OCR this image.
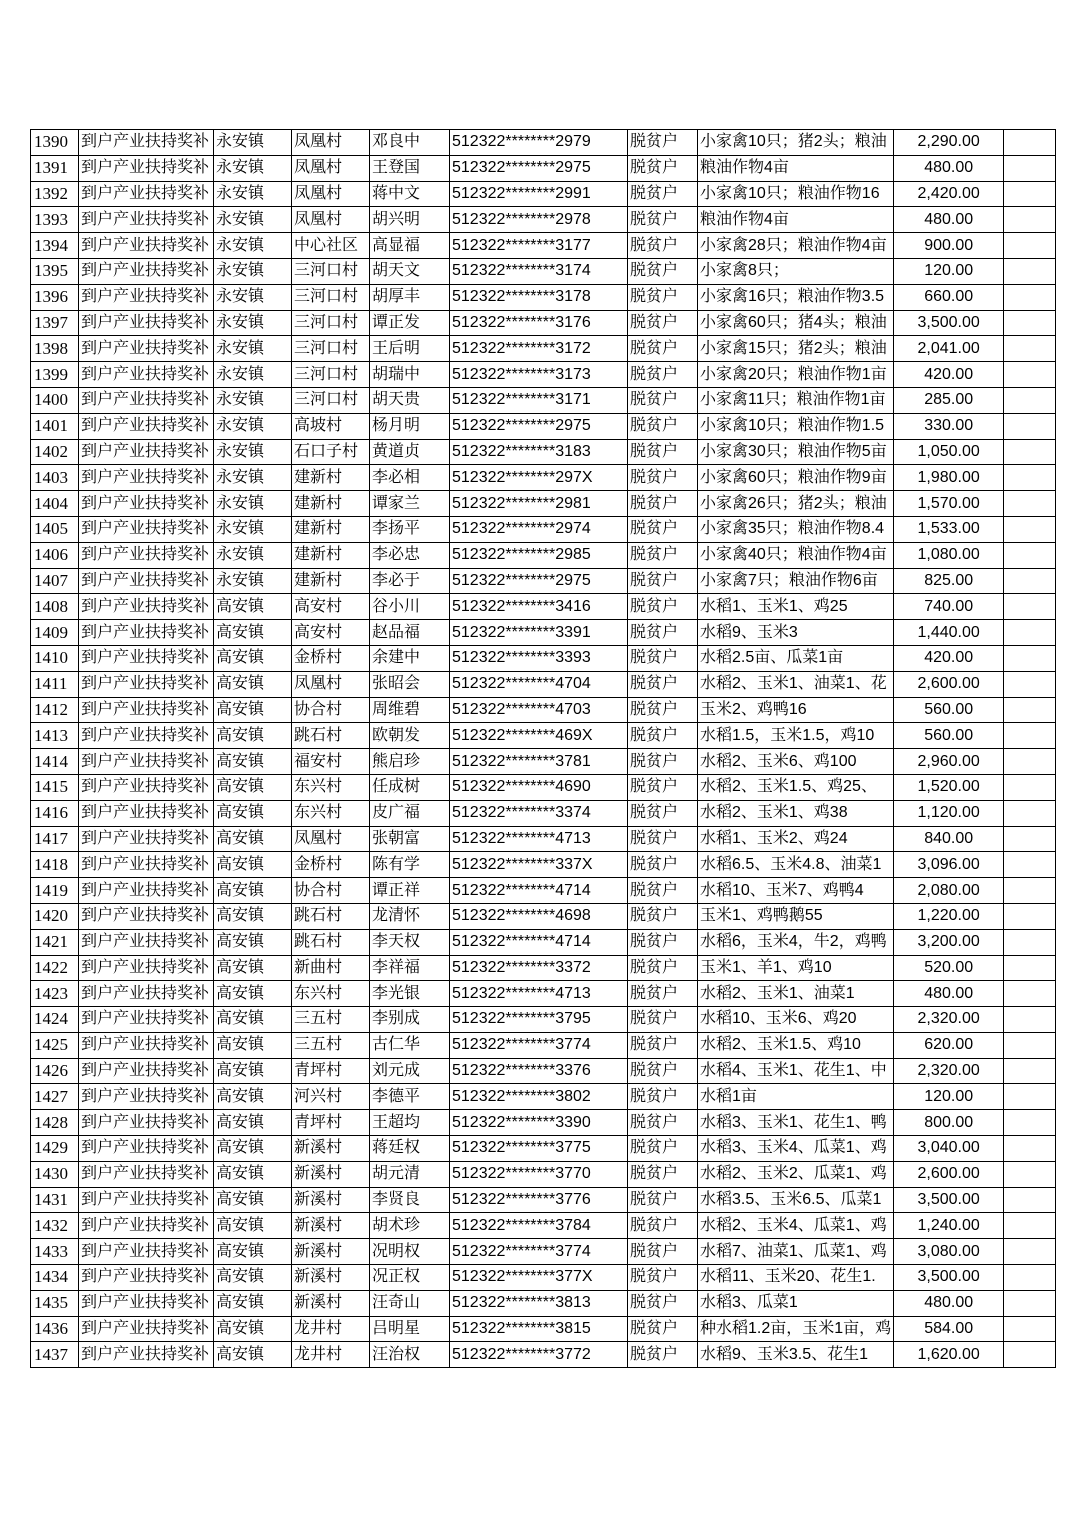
1390	到户产业扶持奖补	永安镇	凤凰村	邓良中	512322********2979	脱贫户	小家禽10只；猪2头；粮油	2,290.00	
1391	到户产业扶持奖补	永安镇	凤凰村	王登国	512322********2975	脱贫户	粮油作物4亩	480.00	
1392	到户产业扶持奖补	永安镇	凤凰村	蒋中文	512322********2991	脱贫户	小家禽10只；粮油作物16	2,420.00	
1393	到户产业扶持奖补	永安镇	凤凰村	胡兴明	512322********2978	脱贫户	粮油作物4亩	480.00	
1394	到户产业扶持奖补	永安镇	中心社区	高显福	512322********3177	脱贫户	小家禽28只；粮油作物4亩	900.00	
1395	到户产业扶持奖补	永安镇	三河口村	胡天文	512322********3174	脱贫户	小家禽8只；	120.00	
1396	到户产业扶持奖补	永安镇	三河口村	胡厚丰	512322********3178	脱贫户	小家禽16只；粮油作物3.5	660.00	
1397	到户产业扶持奖补	永安镇	三河口村	谭正发	512322********3176	脱贫户	小家禽60只；猪4头；粮油	3,500.00	
1398	到户产业扶持奖补	永安镇	三河口村	王后明	512322********3172	脱贫户	小家禽15只；猪2头；粮油	2,041.00	
1399	到户产业扶持奖补	永安镇	三河口村	胡瑞中	512322********3173	脱贫户	小家禽20只；粮油作物1亩	420.00	
1400	到户产业扶持奖补	永安镇	三河口村	胡天贵	512322********3171	脱贫户	小家禽11只；粮油作物1亩	285.00	
1401	到户产业扶持奖补	永安镇	高坡村	杨月明	512322********2975	脱贫户	小家禽10只；粮油作物1.5	330.00	
1402	到户产业扶持奖补	永安镇	石口子村	黄道贞	512322********3183	脱贫户	小家禽30只；粮油作物5亩	1,050.00	
1403	到户产业扶持奖补	永安镇	建新村	李必相	512322********297X	脱贫户	小家禽60只；粮油作物9亩	1,980.00	
1404	到户产业扶持奖补	永安镇	建新村	谭家兰	512322********2981	脱贫户	小家禽26只；猪2头；粮油	1,570.00	
1405	到户产业扶持奖补	永安镇	建新村	李扬平	512322********2974	脱贫户	小家禽35只；粮油作物8.4	1,533.00	
1406	到户产业扶持奖补	永安镇	建新村	李必忠	512322********2985	脱贫户	小家禽40只；粮油作物4亩	1,080.00	
1407	到户产业扶持奖补	永安镇	建新村	李必于	512322********2975	脱贫户	小家禽7只；粮油作物6亩	825.00	
1408	到户产业扶持奖补	高安镇	高安村	谷小川	512322********3416	脱贫户	水稻1、玉米1、鸡25	740.00	
1409	到户产业扶持奖补	高安镇	高安村	赵品福	512322********3391	脱贫户	水稻9、玉米3	1,440.00	
1410	到户产业扶持奖补	高安镇	金桥村	余建中	512322********3393	脱贫户	水稻2.5亩、瓜菜1亩	420.00	
1411	到户产业扶持奖补	高安镇	凤凰村	张昭会	512322********4704	脱贫户	水稻2、玉米1、油菜1、花	2,600.00	
1412	到户产业扶持奖补	高安镇	协合村	周维碧	512322********4703	脱贫户	玉米2、鸡鸭16	560.00	
1413	到户产业扶持奖补	高安镇	跳石村	欧朝发	512322********469X	脱贫户	水稻1.5，玉米1.5，鸡10	560.00	
1414	到户产业扶持奖补	高安镇	福安村	熊启珍	512322********3781	脱贫户	水稻2、玉米6、鸡100	2,960.00	
1415	到户产业扶持奖补	高安镇	东兴村	任成树	512322********4690	脱贫户	水稻2、玉米1.5、鸡25、	1,520.00	
1416	到户产业扶持奖补	高安镇	东兴村	皮广福	512322********3374	脱贫户	水稻2、玉米1、鸡38	1,120.00	
1417	到户产业扶持奖补	高安镇	凤凰村	张朝富	512322********4713	脱贫户	水稻1、玉米2、鸡24	840.00	
1418	到户产业扶持奖补	高安镇	金桥村	陈有学	512322********337X	脱贫户	水稻6.5、玉米4.8、油菜1	3,096.00	
1419	到户产业扶持奖补	高安镇	协合村	谭正祥	512322********4714	脱贫户	水稻10、玉米7、鸡鸭4	2,080.00	
1420	到户产业扶持奖补	高安镇	跳石村	龙清怀	512322********4698	脱贫户	玉米1、鸡鸭鹅55	1,220.00	
1421	到户产业扶持奖补	高安镇	跳石村	李天权	512322********4714	脱贫户	水稻6，玉米4，牛2，鸡鸭	3,200.00	
1422	到户产业扶持奖补	高安镇	新曲村	李祥福	512322********3372	脱贫户	玉米1、羊1、鸡10	520.00	
1423	到户产业扶持奖补	高安镇	东兴村	李光银	512322********4713	脱贫户	水稻2、玉米1、油菜1	480.00	
1424	到户产业扶持奖补	高安镇	三五村	李别成	512322********3795	脱贫户	水稻10、玉米6、鸡20	2,320.00	
1425	到户产业扶持奖补	高安镇	三五村	古仁华	512322********3774	脱贫户	水稻2、玉米1.5、鸡10	620.00	
1426	到户产业扶持奖补	高安镇	青坪村	刘元成	512322********3376	脱贫户	水稻4、玉米1、花生1、中	2,320.00	
1427	到户产业扶持奖补	高安镇	河兴村	李德平	512322********3802	脱贫户	水稻1亩	120.00	
1428	到户产业扶持奖补	高安镇	青坪村	王超均	512322********3390	脱贫户	水稻3、玉米1、花生1、鸭	800.00	
1429	到户产业扶持奖补	高安镇	新溪村	蒋廷权	512322********3775	脱贫户	水稻3、玉米4、瓜菜1、鸡	3,040.00	
1430	到户产业扶持奖补	高安镇	新溪村	胡元清	512322********3770	脱贫户	水稻2、玉米2、瓜菜1、鸡	2,600.00	
1431	到户产业扶持奖补	高安镇	新溪村	李贤良	512322********3776	脱贫户	水稻3.5、玉米6.5、瓜菜1	3,500.00	
1432	到户产业扶持奖补	高安镇	新溪村	胡术珍	512322********3784	脱贫户	水稻2、玉米4、瓜菜1、鸡	1,240.00	
1433	到户产业扶持奖补	高安镇	新溪村	况明权	512322********3774	脱贫户	水稻7、油菜1、瓜菜1、鸡	3,080.00	
1434	到户产业扶持奖补	高安镇	新溪村	况正权	512322********377X	脱贫户	水稻11、玉米20、花生1.	3,500.00	
1435	到户产业扶持奖补	高安镇	新溪村	汪奇山	512322********3813	脱贫户	水稻3、瓜菜1	480.00	
1436	到户产业扶持奖补	高安镇	龙井村	吕明星	512322********3815	脱贫户	种水稻1.2亩，玉米1亩，鸡	584.00	
1437	到户产业扶持奖补	高安镇	龙井村	汪治权	512322********3772	脱贫户	水稻9、玉米3.5、花生1	1,620.00	
